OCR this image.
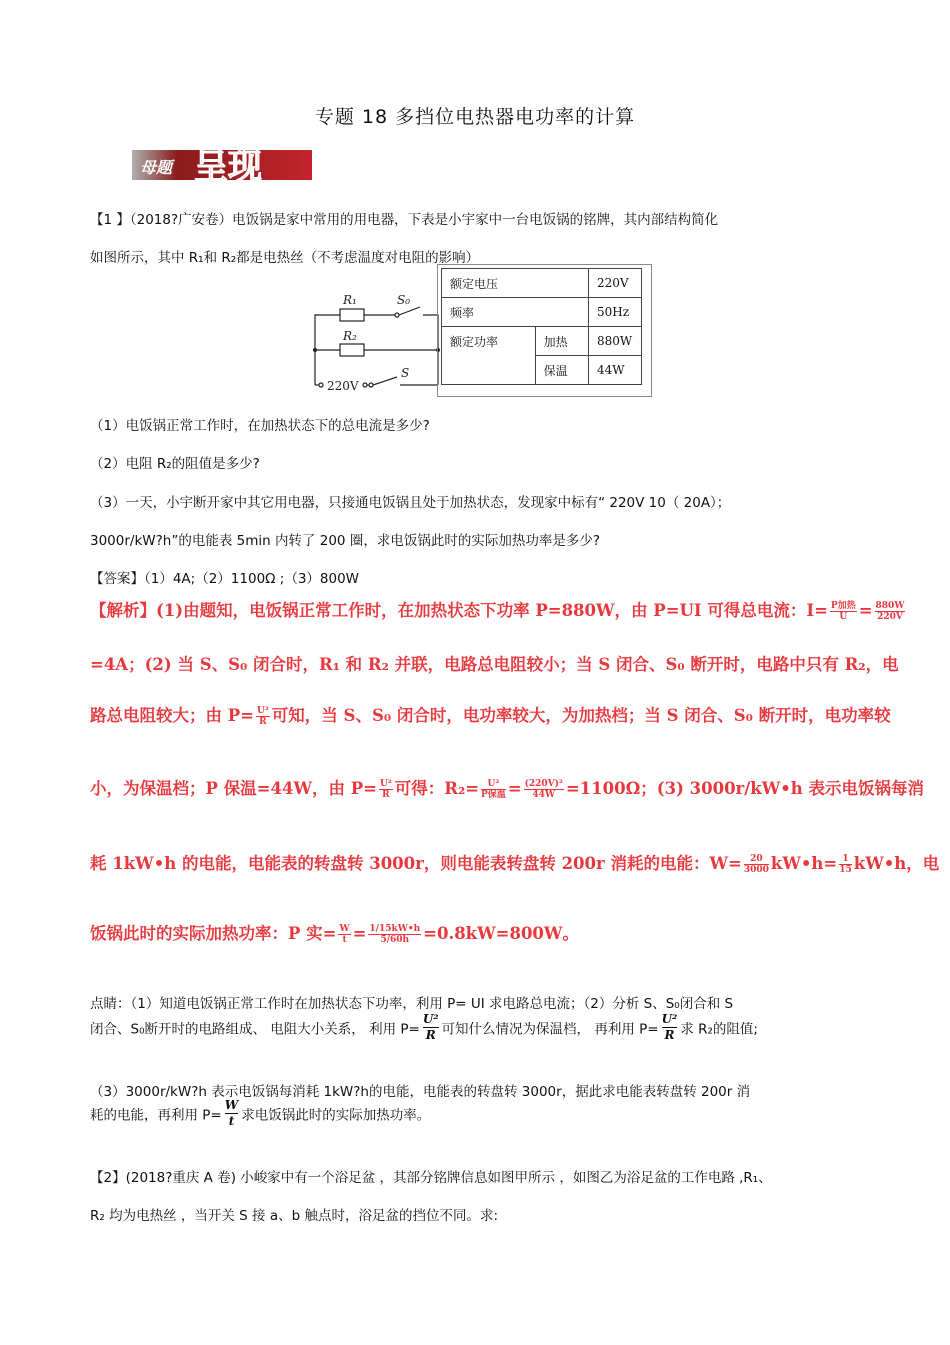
专题 18 多挡位电热器电功率的计算
母题 呈现
【1 】（2018?广安卷）电饭锅是家中常用的用电器，下表是小宇家中一台电饭锅的铭牌，其内部结构简化
如图所示，其中 R₁和 R₂都是电热丝（不考虑温度对电阻的影响）
R₁	S₀
R₂
S
220V
额定电压		220V
频率		50Hz
额定功率	加热	880W
	保温	44W
（1）电饭锅正常工作时，在加热状态下的总电流是多少?
（2）电阻 R₂的阻值是多少?
（3）一天，小宇断开家中其它用电器，只接通电饭锅且处于加热状态，发现家中标有“ 220V 10（ 20A）；
3000r/kW?h”的电能表 5min 内转了 200 圈，求电饭锅此时的实际加热功率是多少?
【答案】（1）4A;（2）1100Ω ;（3）800W
【解析】(1)由题知，电饭锅正常工作时，在加热状态下功率 P=880W，由 P=UI 可得总电流：$I= \frac{\text{P加热}}{U} = \frac{880W}{220V}$
=4A；(2) 当 S、S₀ 闭合时，R₁ 和 R₂ 并联，电路总电阻较小；当 S 闭合、S₀ 断开时，电路中只有 R₂，电
路总电阻较大；由 $P= \frac{\text{U²}}{R}$ 可知，当 S、S₀ 闭合时，电功率较大，为加热档；当 S 闭合、S₀ 断开时，电功率较
小，为保温档；P 保温=44W，由 $P= \frac{\text{U²}}{R}$ 可得：$R_2= \frac{\text{U²}}{\text{P保温}} = \frac{\text{(220V)²}}{44W} =1100\Omega$；(3) 3000r/kW•h 表示电饭锅每消
耗 1kW•h 的电能，电能表的转盘转 3000r，则电能表转盘转 200r 消耗的电能：$W= \frac{20}{3000}$ kW•h= $\frac{1}{15}$ kW•h，电
饭锅此时的实际加热功率：P 实= $\frac{W}{t} = \frac{1/15kW•h}{5/60h} =0.8kW=800W$。
点睛：（1）知道电饭锅正常工作时在加热状态下功率，利用 P= UI 求电路总电流；（2）分析 S、S₀闭合和 S
闭合、S₀断开时的电路组成、 电阻大小关系， 利用 $P= \frac{\text{U²}}{R}$ 可知什么情况为保温档， 再利用 $P= \frac{\text{U²}}{R}$ 求 R₂的阻值;
（3）3000r/kW?h 表示电饭锅每消耗 1kW?h的电能，电能表的转盘转 3000r，据此求电能表转盘转 200r 消
耗的电能，再利用 $P= \frac{W}{t}$ 求电饭锅此时的实际加热功率。
【2】(2018?重庆 A 卷) 小峻家中有一个浴足盆 ，其部分铭牌信息如图甲所示 ，如图乙为浴足盆的工作电路 ,R₁、
R₂ 均为电热丝 ，当开关 S 接 a、b 触点时，浴足盆的挡位不同。求:
